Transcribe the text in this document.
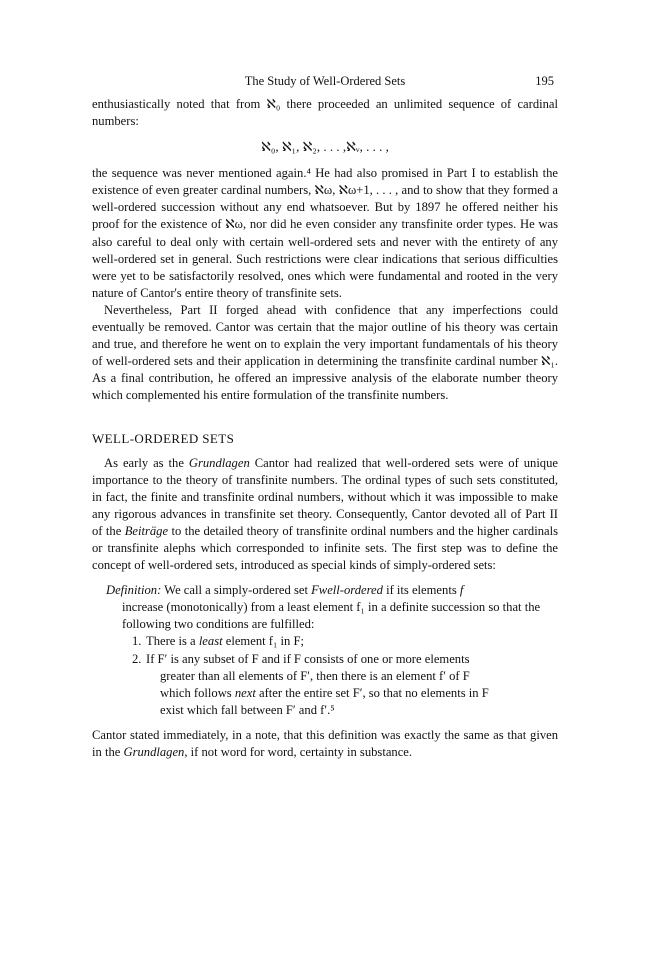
The Study of Well-Ordered Sets	195

enthusiastically noted that from ℵ₀ there proceeded an unlimited sequence of cardinal numbers:

ℵ₀, ℵ₁, ℵ₂, . . . ,ℵᵥ, . . . ,

the sequence was never mentioned again.⁴ He had also promised in Part I to establish the existence of even greater cardinal numbers, ℵω, ℵω+1, . . . , and to show that they formed a well-ordered succession without any end whatsoever. But by 1897 he offered neither his proof for the existence of ℵω, nor did he even consider any transfinite order types. He was also careful to deal only with certain well-ordered sets and never with the entirety of any well-ordered set in general. Such restrictions were clear indications that serious difficulties were yet to be satisfactorily resolved, ones which were fundamental and rooted in the very nature of Cantor's entire theory of transfinite sets.

Nevertheless, Part II forged ahead with confidence that any imperfections could eventually be removed. Cantor was certain that the major outline of his theory was certain and true, and therefore he went on to explain the very important fundamentals of his theory of well-ordered sets and their application in determining the transfinite cardinal number ℵ₁. As a final contribution, he offered an impressive analysis of the elaborate number theory which complemented his entire formulation of the transfinite numbers.

WELL-ORDERED SETS

As early as the Grundlagen Cantor had realized that well-ordered sets were of unique importance to the theory of transfinite numbers. The ordinal types of such sets constituted, in fact, the finite and transfinite ordinal numbers, without which it was impossible to make any rigorous advances in transfinite set theory. Consequently, Cantor devoted all of Part II of the Beiträge to the detailed theory of transfinite ordinal numbers and the higher cardinals or transfinite alephs which corresponded to infinite sets. The first step was to define the concept of well-ordered sets, introduced as special kinds of simply-ordered sets:

Definition: We call a simply-ordered set Fwell-ordered if its elements f

increase (monotonically) from a least element f₁ in a definite succession so that the following two conditions are fulfilled:

1. There is a least element f₁ in F;
2. If F′ is any subset of F and if F consists of one or more elements
greater than all elements of F′, then there is an element f′ of F
which follows next after the entire set F′, so that no elements in F
exist which fall between F′ and f′.⁵

Cantor stated immediately, in a note, that this definition was exactly the same as that given in the Grundlagen, if not word for word, certainty in substance.
